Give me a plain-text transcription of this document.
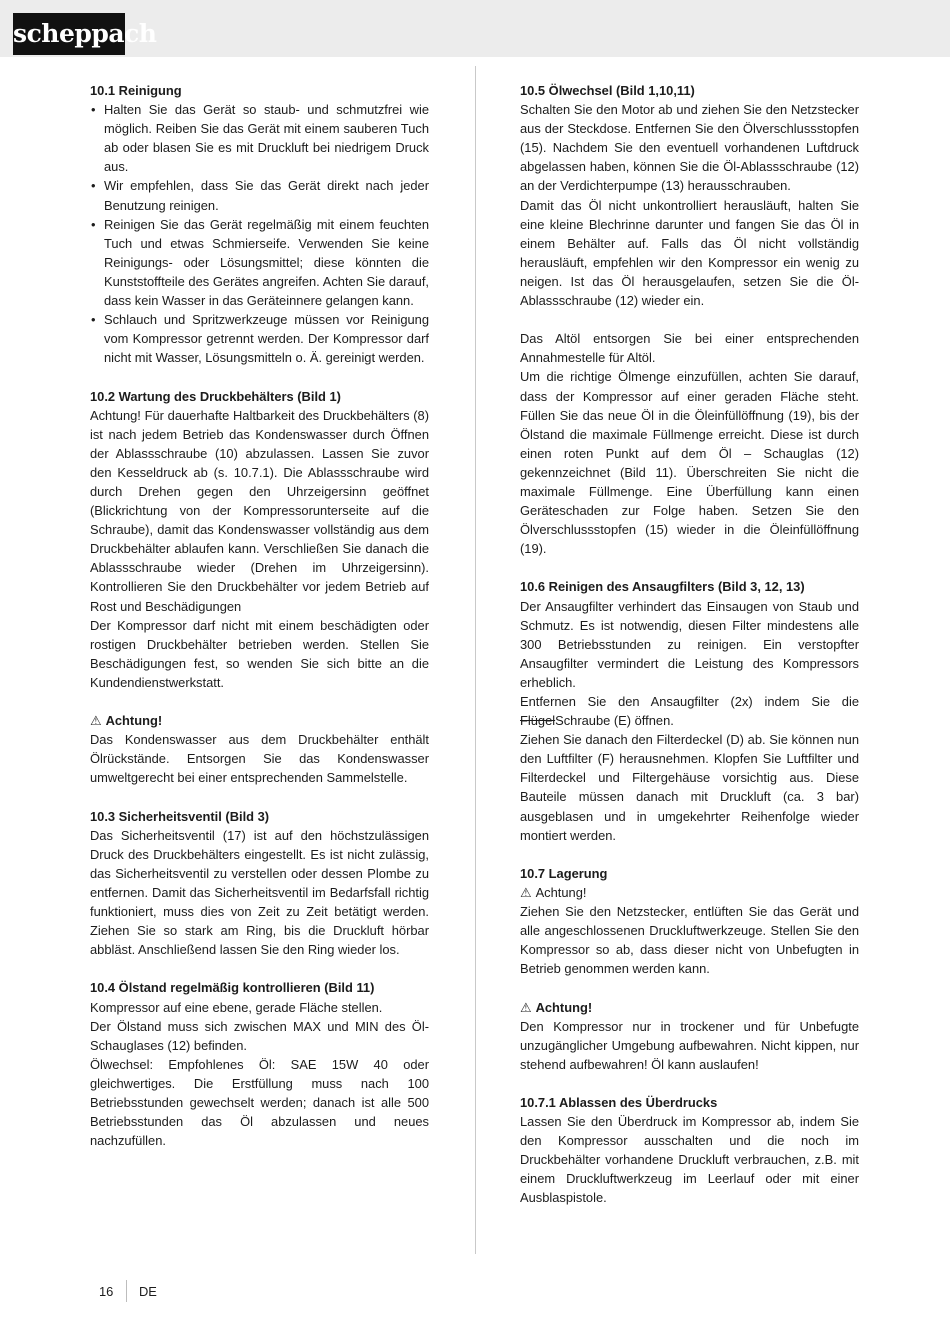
scheppach
10.1 Reinigung
• Halten Sie das Gerät so staub- und schmutzfrei wie möglich. Reiben Sie das Gerät mit einem sauberen Tuch ab oder blasen Sie es mit Druckluft bei niedrigem Druck aus.
• Wir empfehlen, dass Sie das Gerät direkt nach jeder Benutzung reinigen.
• Reinigen Sie das Gerät regelmäßig mit einem feuchten Tuch und etwas Schmierseife. Verwenden Sie keine Reinigungs- oder Lösungsmittel; diese könnten die Kunststoffteile des Gerätes angreifen. Achten Sie darauf, dass kein Wasser in das Geräteinnere gelangen kann.
• Schlauch und Spritzwerkzeuge müssen vor Reinigung vom Kompressor getrennt werden. Der Kompressor darf nicht mit Wasser, Lösungsmitteln o. Ä. gereinigt werden.
10.2 Wartung des Druckbehälters (Bild 1)

Achtung! Für dauerhafte Haltbarkeit des Druckbehälters (8) ist nach jedem Betrieb das Kondenswasser durch Öffnen der Ablassschraube (10) abzulassen. Lassen Sie zuvor den Kesseldruck ab (s. 10.7.1). Die Ablassschraube wird durch Drehen gegen den Uhrzeigersinn geöffnet (Blickrichtung von der Kompressorunterseite auf die Schraube), damit das Kondenswasser vollständig aus dem Druckbehälter ablaufen kann. Verschließen Sie danach die Ablassschraube wieder (Drehen im Uhrzeigersinn). Kontrollieren Sie den Druckbehälter vor jedem Betrieb auf Rost und Beschädigungen

Der Kompressor darf nicht mit einem beschädigten oder rostigen Druckbehälter betrieben werden. Stellen Sie Beschädigungen fest, so wenden Sie sich bitte an die Kundendienstwerkstatt.

⚠ Achtung!

Das Kondenswasser aus dem Druckbehälter enthält Ölrückstände. Entsorgen Sie das Kondenswasser umweltgerecht bei einer entsprechenden Sammelstelle.

10.3 Sicherheitsventil (Bild 3)

Das Sicherheitsventil (17) ist auf den höchstzulässigen Druck des Druckbehälters eingestellt. Es ist nicht zulässig, das Sicherheitsventil zu verstellen oder dessen Plombe zu entfernen. Damit das Sicherheitsventil im Bedarfsfall richtig funktioniert, muss dies von Zeit zu Zeit betätigt werden. Ziehen Sie so stark am Ring, bis die Druckluft hörbar abbläst. Anschließend lassen Sie den Ring wieder los.

10.4 Ölstand regelmäßig kontrollieren (Bild 11)

Kompressor auf eine ebene, gerade Fläche stellen.

Der Ölstand muss sich zwischen MAX und MIN des Öl-Schauglases (12) befinden.

Ölwechsel: Empfohlenes Öl: SAE 15W 40 oder gleichwertiges. Die Erstfüllung muss nach 100 Betriebsstunden gewechselt werden; danach ist alle 500 Betriebsstunden das Öl abzulassen und neues nachzufüllen.

10.5 Ölwechsel (Bild 1,10,11)

Schalten Sie den Motor ab und ziehen Sie den Netzstecker aus der Steckdose. Entfernen Sie den Ölverschlussstopfen (15). Nachdem Sie den eventuell vorhandenen Luftdruck abgelassen haben, können Sie die Öl-Ablassschraube (12) an der Verdichterpumpe (13) herausschrauben.

Damit das Öl nicht unkontrolliert herausläuft, halten Sie eine kleine Blechrinne darunter und fangen Sie das Öl in einem Behälter auf. Falls das Öl nicht vollständig herausläuft, empfehlen wir den Kompressor ein wenig zu neigen. Ist das Öl herausgelaufen, setzen Sie die Öl-Ablassschraube (12) wieder ein.

Das Altöl entsorgen Sie bei einer entsprechenden Annahmestelle für Altöl.

Um die richtige Ölmenge einzufüllen, achten Sie darauf, dass der Kompressor auf einer geraden Fläche steht. Füllen Sie das neue Öl in die Öleinfüllöffnung (19), bis der Ölstand die maximale Füllmenge erreicht. Diese ist durch einen roten Punkt auf dem Öl – Schauglas (12) gekennzeichnet (Bild 11). Überschreiten Sie nicht die maximale Füllmenge. Eine Überfüllung kann einen Geräteschaden zur Folge haben. Setzen Sie den Ölverschlussstopfen (15) wieder in die Öleinfüllöffnung (19).

10.6 Reinigen des Ansaugfilters (Bild 3, 12, 13)

Der Ansaugfilter verhindert das Einsaugen von Staub und Schmutz. Es ist notwendig, diesen Filter mindestens alle 300 Betriebsstunden zu reinigen. Ein verstopfter Ansaugfilter vermindert die Leistung des Kompressors erheblich.

Entfernen Sie den Ansaugfilter (2x) indem Sie die FlügelSchraube (E) öffnen.

Ziehen Sie danach den Filterdeckel (D) ab. Sie können nun den Luftfilter (F) herausnehmen. Klopfen Sie Luftfilter und Filterdeckel und Filtergehäuse vorsichtig aus. Diese Bauteile müssen danach mit Druckluft (ca. 3 bar) ausgeblasen und in umgekehrter Reihenfolge wieder montiert werden.

10.7 Lagerung
⚠ Achtung!

Ziehen Sie den Netzstecker, entlüften Sie das Gerät und alle angeschlossenen Druckluftwerkzeuge. Stellen Sie den Kompressor so ab, dass dieser nicht von Unbefugten in Betrieb genommen werden kann.

⚠ Achtung!

Den Kompressor nur in trockener und für Unbefugte unzugänglicher Umgebung aufbewahren. Nicht kippen, nur stehend aufbewahren! Öl kann auslaufen!

10.7.1 Ablassen des Überdrucks

Lassen Sie den Überdruck im Kompressor ab, indem Sie den Kompressor ausschalten und die noch im Druckbehälter vorhandene Druckluft verbrauchen, z.B. mit einem Druckluftwerkzeug im Leerlauf oder mit einer Ausblaspistole.

16 DE
